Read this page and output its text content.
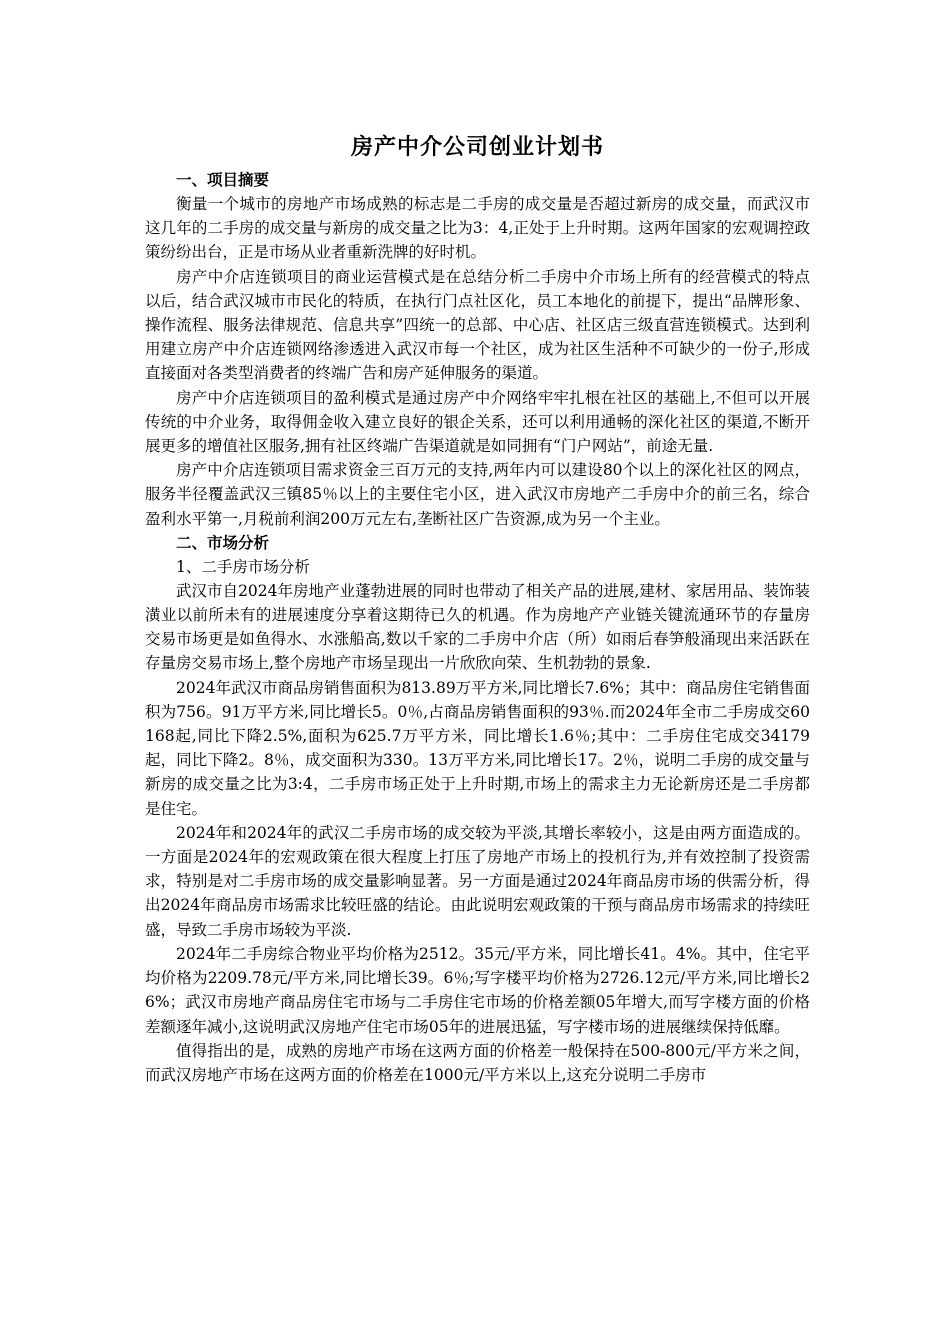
房产中介公司创业计划书
一、项目摘要

衡量一个城市的房地产市场成熟的标志是二手房的成交量是否超过新房的成交量，而武汉市这几年的二手房的成交量与新房的成交量之比为3：4,正处于上升时期。这两年国家的宏观调控政策纷纷出台，正是市场从业者重新洗牌的好时机。

房产中介店连锁项目的商业运营模式是在总结分析二手房中介市场上所有的经营模式的特点以后，结合武汉城市市民化的特质，在执行门点社区化，员工本地化的前提下，提出“品牌形象、操作流程、服务法律规范、信息共享”四统一的总部、中心店、社区店三级直营连锁模式。达到利用建立房产中介店连锁网络渗透进入武汉市每一个社区，成为社区生活种不可缺少的一份子,形成直接面对各类型消费者的终端广告和房产延伸服务的渠道。

房产中介店连锁项目的盈利模式是通过房产中介网络牢牢扎根在社区的基础上,不但可以开展传统的中介业务，取得佣金收入建立良好的银企关系，还可以利用通畅的深化社区的渠道,不断开展更多的增值社区服务,拥有社区终端广告渠道就是如同拥有“门户网站”，前途无量.

房产中介店连锁项目需求资金三百万元的支持,两年内可以建设80个以上的深化社区的网点，服务半径覆盖武汉三镇85％以上的主要住宅小区，进入武汉市房地产二手房中介的前三名，综合盈利水平第一,月税前利润200万元左右,垄断社区广告资源,成为另一个主业。

二、市场分析
1、二手房市场分析

武汉市自2024年房地产业蓬勃进展的同时也带动了相关产品的进展,建材、家居用品、装饰装潢业以前所未有的进展速度分享着这期待已久的机遇。作为房地产产业链关键流通环节的存量房交易市场更是如鱼得水、水涨船高,数以千家的二手房中介店（所）如雨后春笋般涌现出来活跃在存量房交易市场上,整个房地产市场呈现出一片欣欣向荣、生机勃勃的景象.

2024年武汉市商品房销售面积为813.89万平方米,同比增长7.6%；其中：商品房住宅销售面积为756。91万平方米,同比增长5。0％,占商品房销售面积的93％.而2024年全市二手房成交60168起,同比下降2.5%,面积为625.7万平方米，同比增长1.6％;其中：二手房住宅成交34179起，同比下降2。8％，成交面积为330。13万平方米,同比增长17。2％，说明二手房的成交量与新房的成交量之比为3:4，二手房市场正处于上升时期,市场上的需求主力无论新房还是二手房都是住宅。

2024年和2024年的武汉二手房市场的成交较为平淡,其增长率较小，这是由两方面造成的。一方面是2024年的宏观政策在很大程度上打压了房地产市场上的投机行为,并有效控制了投资需求，特别是对二手房市场的成交量影响显著。另一方面是通过2024年商品房市场的供需分析，得出2024年商品房市场需求比较旺盛的结论。由此说明宏观政策的干预与商品房市场需求的持续旺盛，导致二手房市场较为平淡.

2024年二手房综合物业平均价格为2512。35元/平方米，同比增长41。4%。其中，住宅平均价格为2209.78元/平方米,同比增长39。6％;写字楼平均价格为2726.12元/平方米,同比增长26%；武汉市房地产商品房住宅市场与二手房住宅市场的价格差额05年增大,而写字楼方面的价格差额逐年减小,这说明武汉房地产住宅市场05年的进展迅猛，写字楼市场的进展继续保持低靡。

值得指出的是，成熟的房地产市场在这两方面的价格差一般保持在500-800元/平方米之间，而武汉房地产市场在这两方面的价格差在1000元/平方米以上,这充分说明二手房市
